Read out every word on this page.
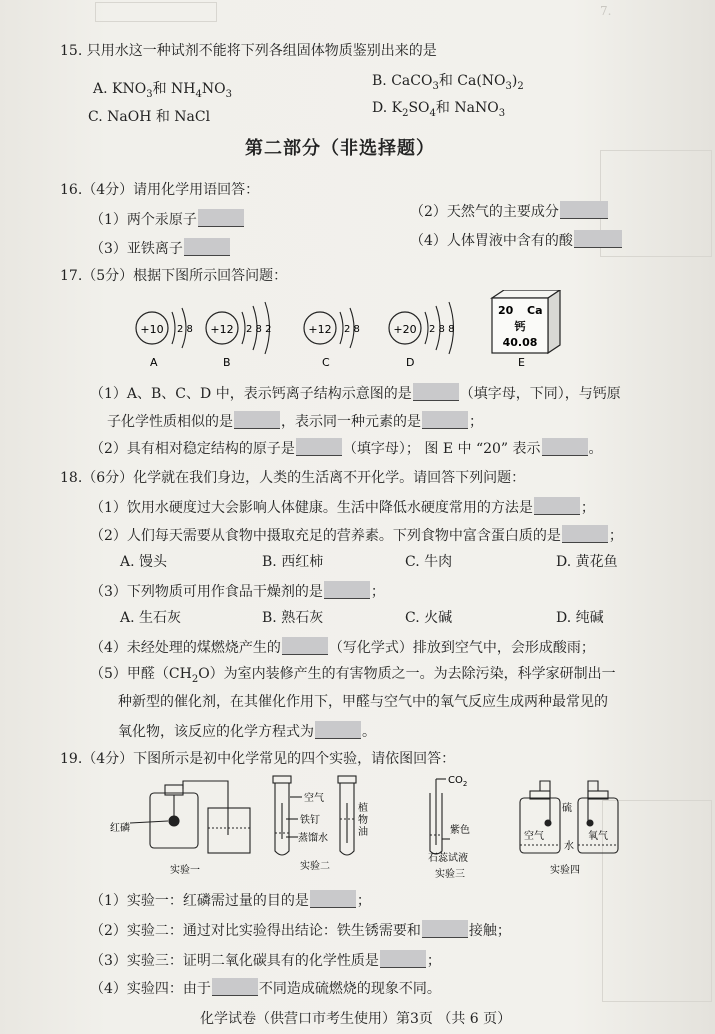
7.
15. 只用水这一种试剂不能将下列各组固体物质鉴别出来的是
A. $KNO_3$和 $NH_4NO_3$
B. CaCO$_3$和 $Ca(NO_3)_2$
C. NaOH 和 NaCl
D. $K_2SO_4$和 NaNO$_3$
第二部分（非选择题）
16.（4分）请用化学用语回答：
（1）两个汞原子	（2）天然气的主要成分
（3）亚铁离子	（4）人体胃液中含有的酸
17.（5分）根据下图所示回答问题：
+10 2 8
A
+12 2 8 2
B
+12 2 8
C
+20 2 8 8
D
20 Ca
钙
40.08
E
（1）A、B、C、D 中，表示钙离子结构示意图的是	（填字母，下同），与钙原
子化学性质相似的是	，表示同一种元素的是	；
（2）具有相对稳定结构的原子是	（填字母）； 图 E 中 “20” 表示	。
18.（6分）化学就在我们身边，人类的生活离不开化学。请回答下列问题：
（1）饮用水硬度过大会影响人体健康。生活中降低水硬度常用的方法是	；
（2）人们每天需要从食物中摄取充足的营养素。下列食物中富含蛋白质的是	；
A. 馒头	B. 西红柿	C. 牛肉	D. 黄花鱼
（3）下列物质可用作食品干燥剂的是	；
A. 生石灰	B. 熟石灰	C. 火碱	D. 纯碱
（4）未经处理的煤燃烧产生的	（写化学式）排放到空气中，会形成酸雨；
（5）甲醛$(CH_2O)$为室内装修产生的有害物质之一。为去除污染，科学家研制出一
种新型的催化剂，在其催化作用下，甲醛与空气中的氧气反应生成两种最常见的
氧化物，该反应的化学方程式为	。
19.（4分）下图所示是初中化学常见的四个实验，请依图回答：
红磷
实验一
空气
铁钉
蒸馏水
植
物
油
实验二
$CO_2$
紫色
石蕊试液
实验三
硫
空气	氧气
水
实验四
（1）实验一：红磷需过量的目的是	；
（2）实验二：通过对比实验得出结论：铁生锈需要和	接触；
（3）实验三：证明二氧化碳具有的化学性质是	；
（4）实验四：由于	不同造成硫燃烧的现象不同。
化学试卷（供营口市考生使用）第3页 （共 6 页）
